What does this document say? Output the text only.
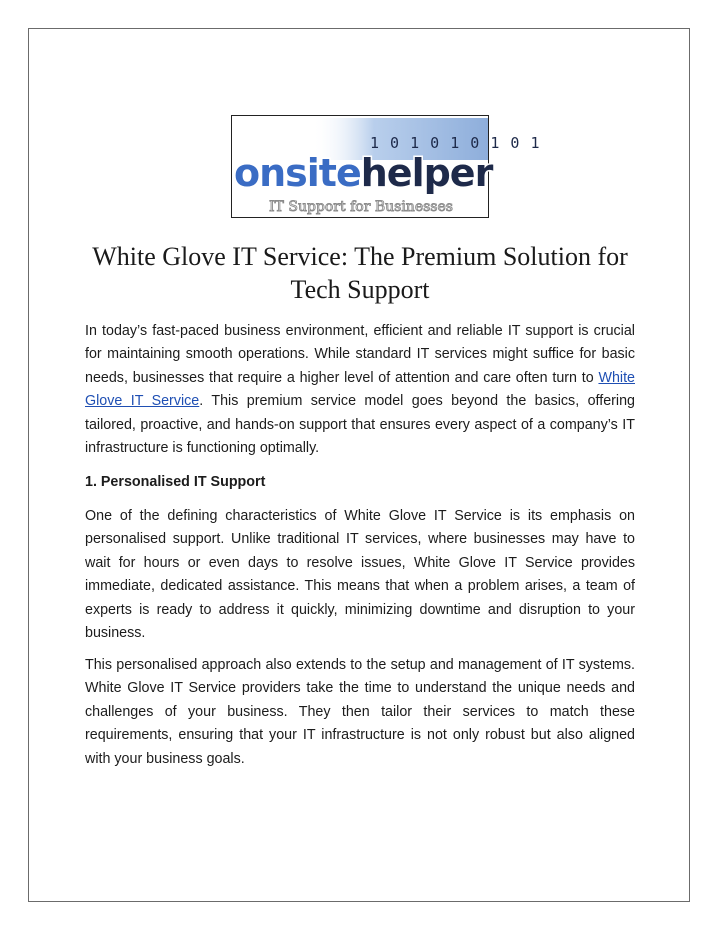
1 0 1 0 1 0 1 0 1
onsitehelper
IT Support for Businesses
White Glove IT Service: The Premium Solution for Tech Support

In today’s fast-paced business environment, efficient and reliable IT support is crucial for maintaining smooth operations. While standard IT services might suffice for basic needs, businesses that require a higher level of attention and care often turn to White Glove IT Service. This premium service model goes beyond the basics, offering tailored, proactive, and hands-on support that ensures every aspect of a company’s IT infrastructure is functioning optimally.

1. Personalised IT Support

One of the defining characteristics of White Glove IT Service is its emphasis on personalised support. Unlike traditional IT services, where businesses may have to wait for hours or even days to resolve issues, White Glove IT Service provides immediate, dedicated assistance. This means that when a problem arises, a team of experts is ready to address it quickly, minimizing downtime and disruption to your business.

This personalised approach also extends to the setup and management of IT systems. White Glove IT Service providers take the time to understand the unique needs and challenges of your business. They then tailor their services to match these requirements, ensuring that your IT infrastructure is not only robust but also aligned with your business goals.
